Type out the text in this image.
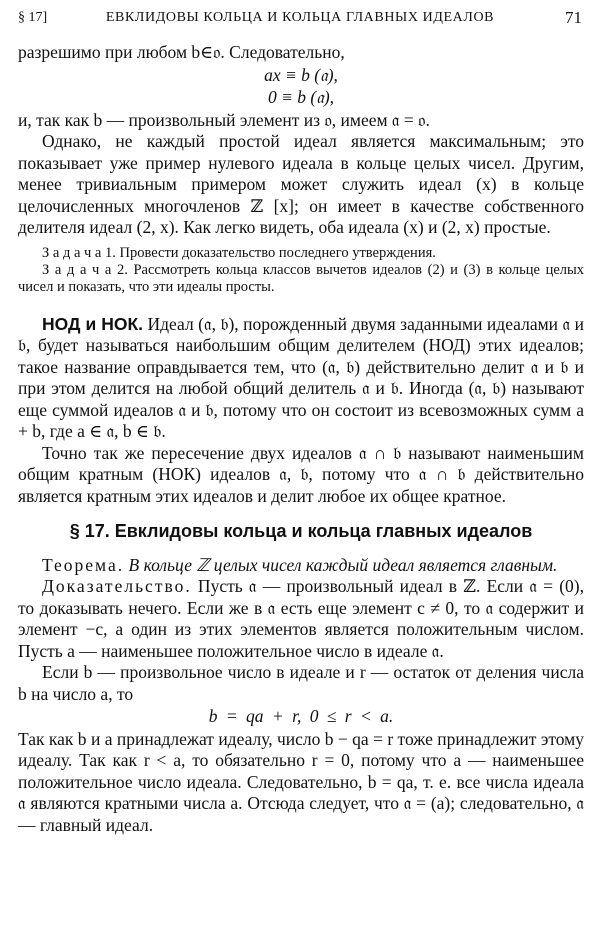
§ 17]	ЕВКЛИДОВЫ КОЛЬЦА И КОЛЬЦА ГЛАВНЫХ ИДЕАЛОВ	71

разрешимо при любом b∈𝔬. Следовательно,

ax ≡ b (𝔞),

0 ≡ b (𝔞),

и, так как b — произвольный элемент из 𝔬, имеем 𝔞 = 𝔬.

Однако, не каждый простой идеал является максимальным; это показывает уже пример нулевого идеала в кольце целых чисел. Другим, менее тривиальным примером может служить идеал (x) в кольце целочисленных многочленов ℤ [x]; он имеет в качестве собственного делителя идеал (2, x). Как легко видеть, оба идеала (x) и (2, x) простые.

З а д а ч а 1. Провести доказательство последнего утверждения.

З а д а ч а 2. Рассмотреть кольца классов вычетов идеалов (2) и (3) в кольце целых чисел и показать, что эти идеалы просты.

НОД и НОК. Идеал (𝔞, 𝔟), порожденный двумя заданными идеалами 𝔞 и 𝔟, будет называться наибольшим общим делителем (НОД) этих идеалов; такое название оправдывается тем, что (𝔞, 𝔟) действительно делит 𝔞 и 𝔟 и при этом делится на любой общий делитель 𝔞 и 𝔟. Иногда (𝔞, 𝔟) называют еще суммой идеалов 𝔞 и 𝔟, потому что он состоит из всевозможных сумм a + b, где a ∈ 𝔞, b ∈ 𝔟.

Точно так же пересечение двух идеалов 𝔞 ∩ 𝔟 называют наименьшим общим кратным (НОК) идеалов 𝔞, 𝔟, потому что 𝔞 ∩ 𝔟 действительно является кратным этих идеалов и делит любое их общее кратное.

§ 17. Евклидовы кольца и кольца главных идеалов

Теорема. В кольце ℤ целых чисел каждый идеал является главным.

Доказательство. Пусть 𝔞 — произвольный идеал в ℤ. Если 𝔞 = (0), то доказывать нечего. Если же в 𝔞 есть еще элемент c ≠ 0, то 𝔞 содержит и элемент −c, а один из этих элементов является положительным числом. Пусть a — наименьшее положительное число в идеале 𝔞.

Если b — произвольное число в идеале и r — остаток от деления числа b на число a, то

b = qa + r, 0 ≤ r < a.

Так как b и a принадлежат идеалу, число b − qa = r тоже принадлежит этому идеалу. Так как r < a, то обязательно r = 0, потому что a — наименьшее положительное число идеала. Следовательно, b = qa, т. е. все числа идеала 𝔞 являются кратными числа a. Отсюда следует, что 𝔞 = (a); следовательно, 𝔞 — главный идеал.
